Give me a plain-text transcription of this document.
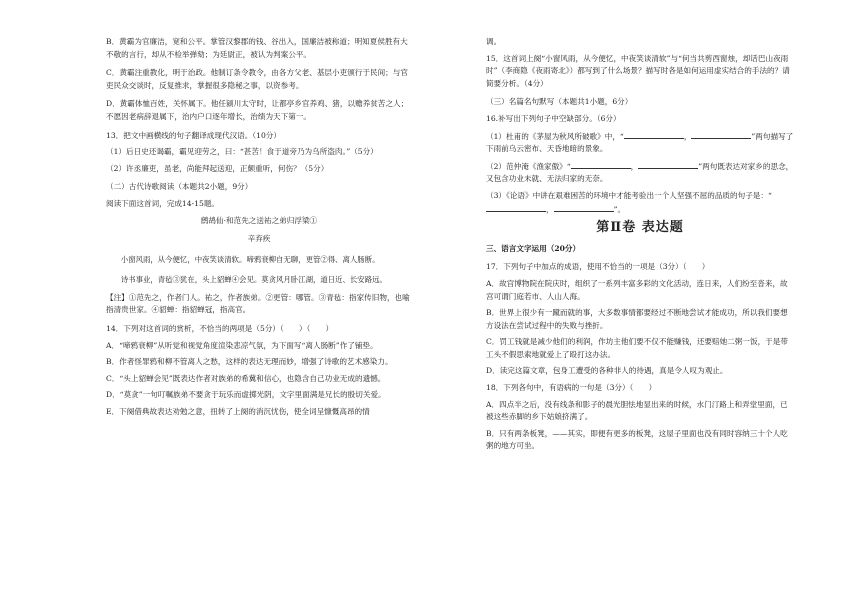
B．黄霸为官廉洁，宽和公平。掌管汉黎郡的钱、谷出入，国廉洁被称道；明知夏侯胜有大不敬的言行，却从不检举弹劾；为廷尉正，被认为判案公平。

C．黄霸注重教化，明于治政。他制订条令教令，由各方父老、基层小吏颁行于民间；与官吏民众交谈时，反复推求，掌握很多隐秘之事，以资参考。

D．黄霸体恤百姓，关怀属下。他任颍川太守时，让都亭乡官养鸡、猪，以赡养贫苦之人；不愿因老病辞退属下，治内户口逐年增长，治绩为天下第一。

13．把文中画横线的句子翻译成现代汉语。（10分）

（1）后日史还谒霸，霸见迎劳之，曰：“甚苦！食于道旁乃为乌所盗肉。”（5分）

（2）许丞廉吏，虽老，尚能拜起送迎，正颇重听，何伤？（5分）

（二）古代诗歌阅读（本题共2小题，9分）

阅读下面这首词，完成14-15题。

鹧鸪仙·和范先之送祐之弟归浮梁①

辛弃疾

小窗风雨，从今便忆，中夜笑谈清软。啼鸦衰柳自无聊，更管②得、离人肠断。

诗书事业，青毡③犹在，头上貂蝉④会见。莫贪风月卧江湖，道日近、长安路远。

【注】①范先之，作者门人。祐之，作者族弟。②更管：哪管。③青毡：指家传旧物，也喻指清贵世家。④貂蝉：指貂蝉冠，指高官。

14．下列对这首词的赏析，不恰当的两项是（5分）（　　）（　　）

A．“啼鸦衰柳”从听觉和视觉角度渲染悲凉气氛，为下面写“离人肠断”作了铺垫。

B．作者怪罪鸦和柳不管离人之愁，这样的表达无理而妙，增强了诗歌的艺术感染力。

C．“头上貂蝉会见”既表达作者对族弟的希冀和信心，也隐含自己功业无成的遗憾。

D．“莫贪”一句叮嘱族弟不要贪于玩乐而虚掷光阴，文字里面满是兄长的殷切关爱。

E．下阕借典故表达劝勉之意，扭转了上阕的消沉忧伤，使全词呈慷慨高昂的情

调。

15．这首词上阕“小窗风雨，从今便忆，中夜笑谈清软”与“何当共剪西窗烛，却话巴山夜雨时”（李商隐《夜雨寄北》）都写到了什么场景？描写时各是如何运用虚实结合的手法的？请简要分析。（4分）

（三）名篇名句默写（本题共1小题，6分）

16.补写出下列句子中空缺部分。（6分）

（1）杜甫的《茅屋为秋风所破歌》中，“	，	”两句描写了下雨前乌云密布、天昏地暗的景象。

（2）范仲淹《渔家傲》“	，	”两句既表达对家乡的思念，又包含功业未就、无法归家的无奈。

（3）《论语》中讲在艰难困苦的环境中才能考验出一个人坚强不屈的品质的句子是：“，	”。

第Ⅱ卷 表达题

三、语言文字运用（20分）

17．下列句子中加点的成语，使用不恰当的一项是（3分）（　　）

A．故宫博物院在院庆时，组织了一系列丰富多彩的文化活动，连日来，人们纷至沓来，故宫可谓门庭若市、人山人海。

B．世界上很少有一蹴而就的事，大多数事情都要经过不断地尝试才能成功，所以我们要想方设法在尝试过程中的失败与挫折。

C．罚工钱就是减少他们的利润，作坊主他们要不仅不能赚钱，还要赔她二粥一饭，于是带工头不假思索地就爱上了殴打这办法。

D．读完这篇文章，包身工遭受的各种非人的待遇，真是令人叹为观止。

18．下列各句中，有语病的一句是（3分）（　　）

A．四点半之后，没有线条和影子的晨光胆怯地显出来的时候，水门汀路上和弄堂里面，已被这些赤脚的乡下姑娘挤满了。

B．只有两条板凳，——其实，即便有更多的板凳，这屋子里面也没有同时容纳三十个人吃粥的地方可坐。
